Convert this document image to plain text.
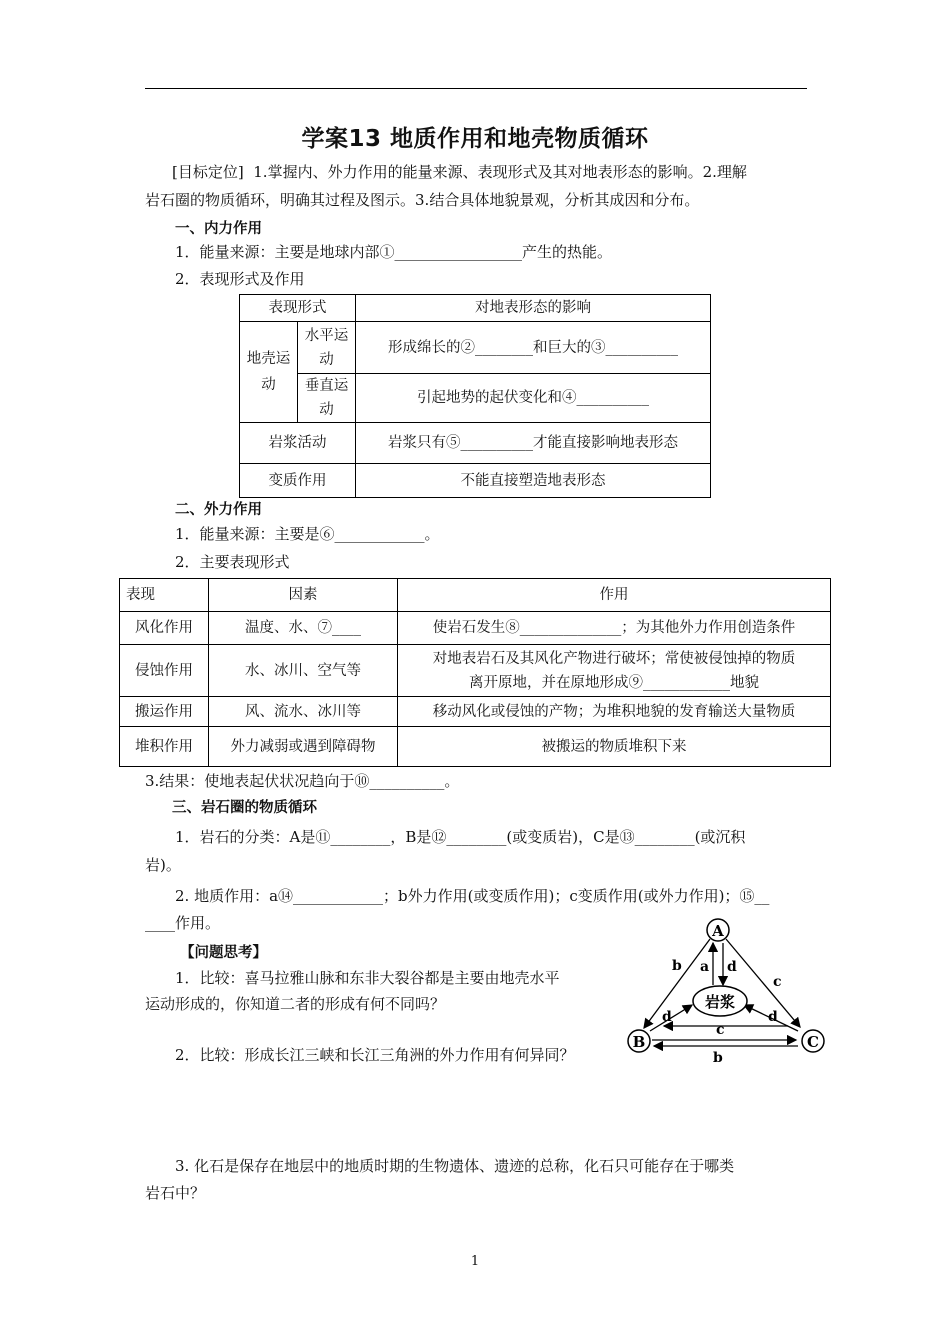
学案13 地质作用和地壳物质循环
[目标定位] 1.掌握内、外力作用的能量来源、表现形式及其对地表形态的影响。2.理解
岩石圈的物质循环，明确其过程及图示。3.结合具体地貌景观，分析其成因和分布。
一、内力作用
1．能量来源：主要是地球内部①_________________产生的热能。
2．表现形式及作用
表现形式		对地表形态的影响
地壳运动	水平运动	形成绵长的②________和巨大的③__________
	垂直运动	引起地势的起伏变化和④__________
岩浆活动		岩浆只有⑤__________才能直接影响地表形态
变质作用		不能直接塑造地表形态
二、外力作用
1．能量来源：主要是⑥____________。
2．主要表现形式
表现	因素	作用
风化作用	温度、水、⑦____	使岩石发生⑧______________；为其他外力作用创造条件
侵蚀作用	水、冰川、空气等	对地表岩石及其风化产物进行破坏；常使被侵蚀掉的物质
离开原地，并在原地形成⑨____________地貌

搬运作用	风、流水、冰川等	移动风化或侵蚀的产物；为堆积地貌的发育输送大量物质
堆积作用	外力减弱或遇到障碍物	被搬运的物质堆积下来
3.结果：使地表起伏状况趋向于⑩__________。
三、岩石圈的物质循环
1．岩石的分类：A是⑪________，B是⑫________(或变质岩)，C是⑬________(或沉积
岩)。
2. 地质作用：a⑭____________；b外力作用(或变质作用)；c变质作用(或外力作用)；⑮__
____作用。
【问题思考】
1．比较：喜马拉雅山脉和东非大裂谷都是主要由地壳水平
运动形成的，你知道二者的形成有何不同吗？
2．比较：形成长江三峡和长江三角洲的外力作用有何异同？
3. 化石是保存在地层中的地质时期的生物遗体、遗迹的总称，化石只可能存在于哪类
岩石中？
A
B	C
岩浆
b a d
c
d	d
c
b
1
